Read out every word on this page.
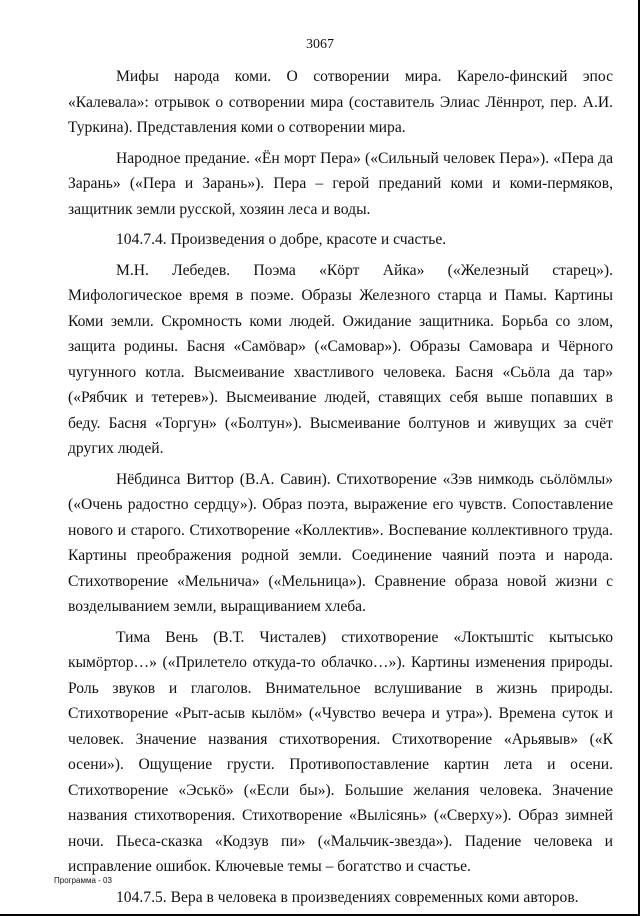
3067

Мифы народа коми. О сотворении мира. Карело-финский эпос «Калевала»: отрывок о сотворении мира (составитель Элиас Лённрот, пер. А.И. Туркина). Представления коми о сотворении мира.

Народное предание. «Ён морт Пера» («Сильный человек Пера»). «Пера да Зарань» («Пера и Зарань»). Пера – герой преданий коми и коми-пермяков, защитник земли русской, хозяин леса и воды.

104.7.4. Произведения о добре, красоте и счастье.

М.Н. Лебедев. Поэма «Кöрт Айка» («Железный старец»). Мифологическое время в поэме. Образы Железного старца и Памы. Картины Коми земли. Скромность коми людей. Ожидание защитника. Борьба со злом, защита родины. Басня «Самöвар» («Самовар»). Образы Самовара и Чёрного чугунного котла. Высмеивание хвастливого человека. Басня «Сьöла да тар» («Рябчик и тетерев»). Высмеивание людей, ставящих себя выше попавших в беду. Басня «Торгун» («Болтун»). Высмеивание болтунов и живущих за счёт других людей.

Нёбдинса Виттор (В.А. Савин). Стихотворение «Зэв нимкодь сьöлöмлы» («Очень радостно сердцу»). Образ поэта, выражение его чувств. Сопоставление нового и старого. Стихотворение «Коллектив». Воспевание коллективного труда. Картины преображения родной земли. Соединение чаяний поэта и народа. Стихотворение «Мельнича» («Мельница»). Сравнение образа новой жизни с возделыванием земли, выращиванием хлеба.

Тима Вень (В.Т. Чисталев) стихотворение «Локтыштiс кытысько кымöртор…» («Прилетело откуда-то облачко…»). Картины изменения природы. Роль звуков и глаголов. Внимательное вслушивание в жизнь природы. Стихотворение «Рыт-асыв кылöм» («Чувство вечера и утра»). Времена суток и человек. Значение названия стихотворения. Стихотворение «Арьявыв» («К осени»). Ощущение грусти. Противопоставление картин лета и осени. Стихотворение «Эськö» («Если бы»). Большие желания человека. Значение названия стихотворения. Стихотворение «Вылiсянь» («Сверху»). Образ зимней ночи. Пьеса-сказка «Кодзув пи» («Мальчик-звезда»). Падение человека и исправление ошибок. Ключевые темы – богатство и счастье.

104.7.5. Вера в человека в произведениях современных коми авторов.

Программа - 03
